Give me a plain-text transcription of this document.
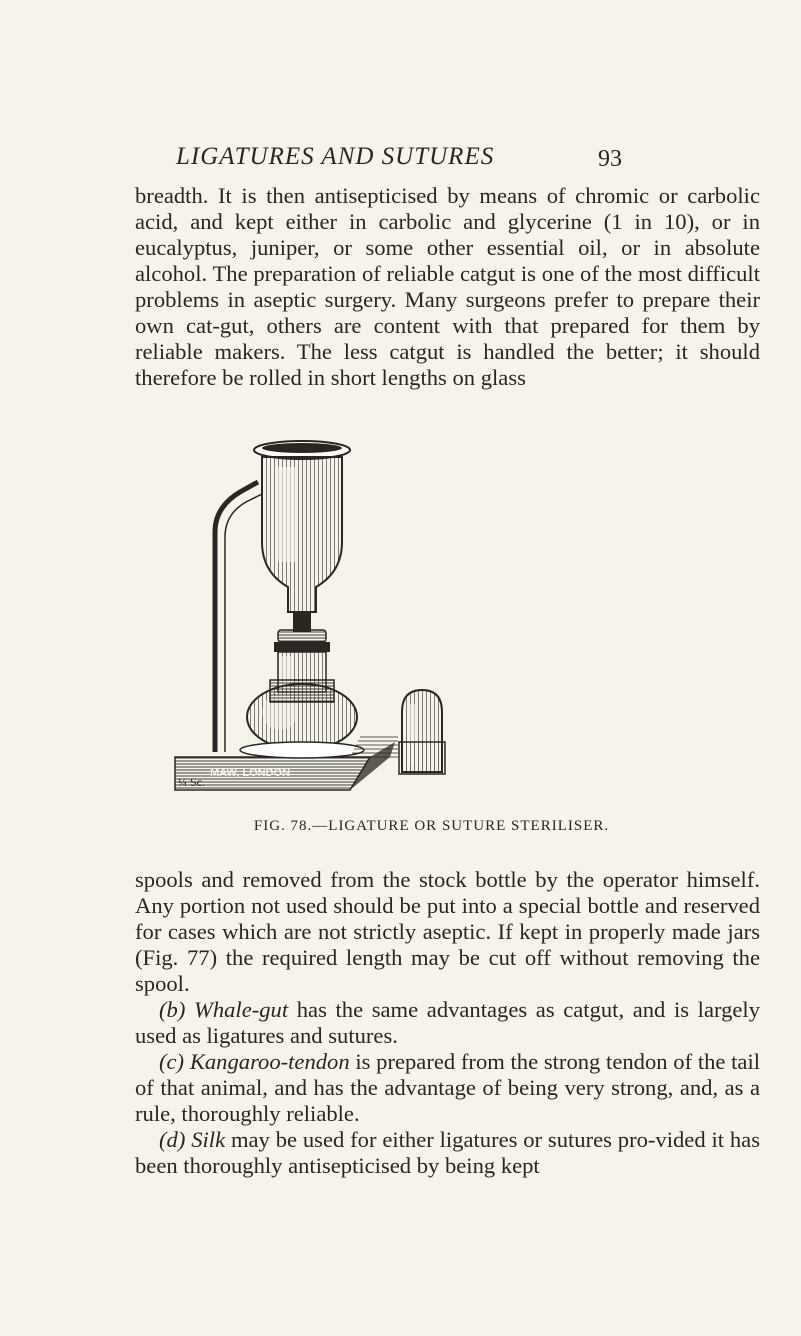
LIGATURES AND SUTURES	93

breadth. It is then antisepticised by means of chromic or carbolic acid, and kept either in carbolic and glycerine (1 in 10), or in eucalyptus, juniper, or some other essential oil, or in absolute alcohol. The preparation of reliable catgut is one of the most difficult problems in aseptic surgery. Many surgeons prefer to prepare their own cat-gut, others are content with that prepared for them by reliable makers. The less catgut is handled the better; it should therefore be rolled in short lengths on glass

MAW, LONDON
¼ Sc.
FIG. 78.—LIGATURE OR SUTURE STERILISER.

spools and removed from the stock bottle by the operator himself. Any portion not used should be put into a special bottle and reserved for cases which are not strictly aseptic. If kept in properly made jars (Fig. 77) the required length may be cut off without removing the spool.

(b) Whale-gut has the same advantages as catgut, and is largely used as ligatures and sutures.

(c) Kangaroo-tendon is prepared from the strong tendon of the tail of that animal, and has the advantage of being very strong, and, as a rule, thoroughly reliable.

(d) Silk may be used for either ligatures or sutures pro-vided it has been thoroughly antisepticised by being kept
